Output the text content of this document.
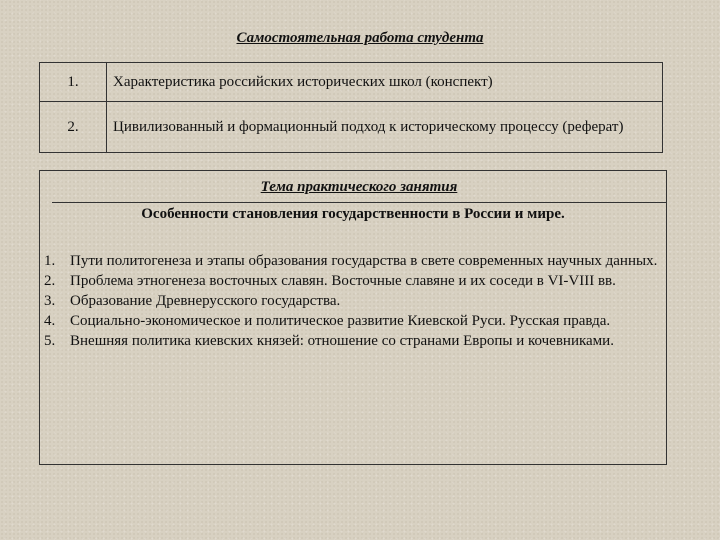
Самостоятельная работа студента
1.	Характеристика российских исторических школ (конспект)
2.	Цивилизованный и формационный подход к историческому процессу (реферат)
Тема практического занятия
Особенности становления государственности в России и мире.
1. Пути политогенеза и этапы образования государства в свете современных научных данных.
2. Проблема этногенеза восточных славян. Восточные славяне и их соседи в VI-VIII вв.
3. Образование Древнерусского государства.
4. Социально-экономическое и политическое развитие Киевской Руси. Русская правда.
5. Внешняя политика киевских князей: отношение со странами Европы и кочевниками.
